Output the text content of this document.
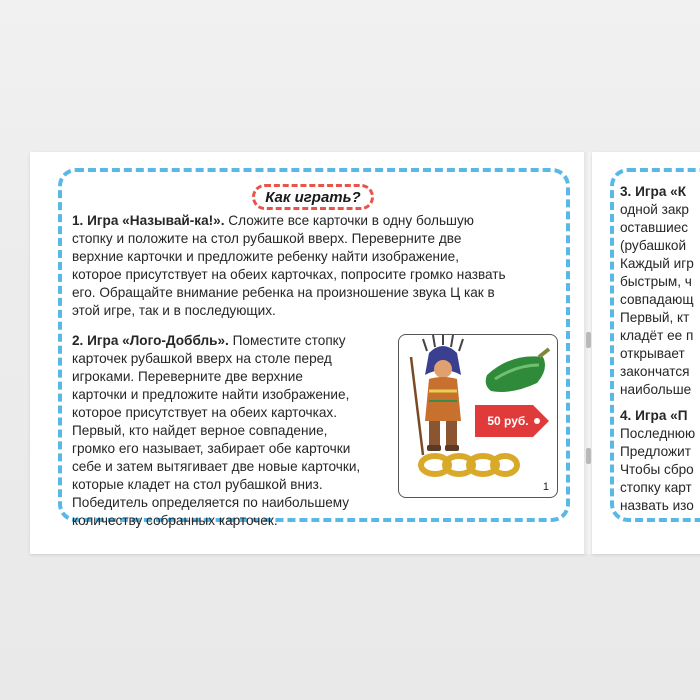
Как играть?
1. Игра «Называй-ка!». Сложите все карточки в одну большую
стопку и положите на стол рубашкой вверх. Переверните две
верхние карточки и предложите ребенку найти изображение,
которое присутствует на обеих карточках, попросите громко назвать
его. Обращайте внимание ребенка на произношение звука Ц как в
этой игре, так и в последующих.
2. Игра «Лого-Доббль». Поместите стопку
карточек рубашкой вверх на столе перед
игроками. Переверните две верхние
карточки и предложите найти изображение,
которое присутствует на обеих карточках.
Первый, кто найдет верное совпадение,
громко его называет, забирает обе карточки
себе и затем вытягивает две новые карточки,
которые кладет на стол рубашкой вниз.
Победитель определяется по наибольшему
количеству собранных карточек.
50 руб.
1
3. Игра «К
одной закр
оставшиес
(рубашкой
Каждый игр
быстрым, ч
совпадающ
Первый, кт
кладёт ее п
открывает
закончатся
наибольше
4. Игра «П
Последнюю
Предложит
Чтобы сбро
стопку карт
назвать изо
